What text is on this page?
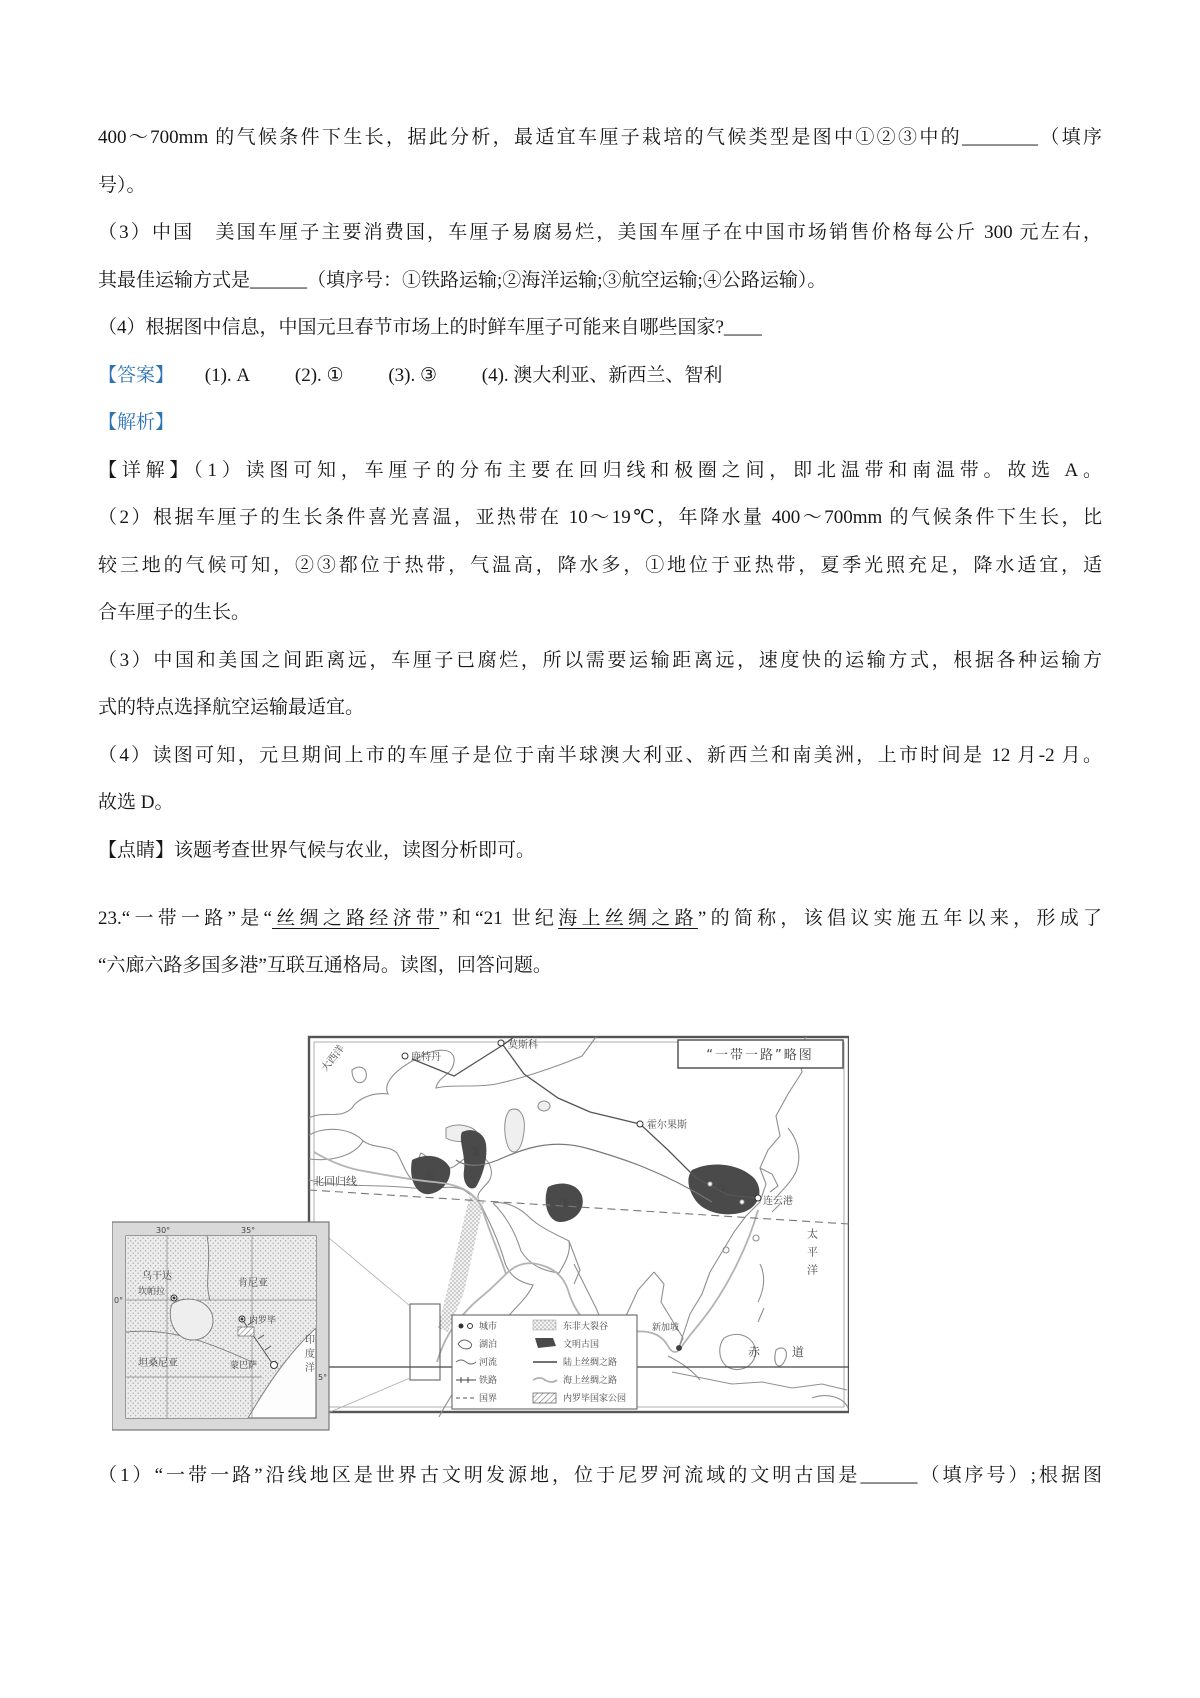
400～700mm 的气候条件下生长，据此分析，最适宜车厘子栽培的气候类型是图中①②③中的________（填序

号）。

（3）中国　美国车厘子主要消费国，车厘子易腐易烂，美国车厘子在中国市场销售价格每公斤 300 元左右，

其最佳运输方式是______（填序号：①铁路运输;②海洋运输;③航空运输;④公路运输）。

（4）根据图中信息，中国元旦春节市场上的时鲜车厘子可能来自哪些国家?____

【答案】 (1). A (2). ① (3). ③ (4). 澳大利亚、新西兰、智利

【解析】

【详解】（1）读图可知，车厘子的分布主要在回归线和极圈之间，即北温带和南温带。故选 A。

（2）根据车厘子的生长条件喜光喜温，亚热带在 10～19℃，年降水量 400～700mm 的气候条件下生长，比

较三地的气候可知，②③都位于热带，气温高，降水多，①地位于亚热带，夏季光照充足，降水适宜，适

合车厘子的生长。

（3）中国和美国之间距离远，车厘子已腐烂，所以需要运输距离远，速度快的运输方式，根据各种运输方

式的特点选择航空运输最适宜。

（4）读图可知，元旦期间上市的车厘子是位于南半球澳大利亚、新西兰和南美洲，上市时间是 12 月-2 月。

故选 D。

【点睛】该题考查世界气候与农业，读图分析即可。

23.“一带一路”是“丝绸之路经济带”和“21 世纪海上丝绸之路”的简称，该倡议实施五年以来，形成了

“六廊六路多国多港”互联互通格局。读图，回答问题。

①
②
③
④
大西洋	鹿特丹
莫斯科
霍尔果斯
连云港
新加坡
北回归线
太平洋
赤 道
“一带一路”略图
城市
湖泊
河流
铁路
国界
东非大裂谷
文明古国
陆上丝绸之路
海上丝绸之路
内罗毕国家公园
乌干达
坎帕拉
肯尼亚
内罗毕
坦桑尼亚	蒙巴萨	印度洋
30°	35°
0°
5°

（1）“一带一路”沿线地区是世界古文明发源地，位于尼罗河流域的文明古国是______（填序号）;根据图
